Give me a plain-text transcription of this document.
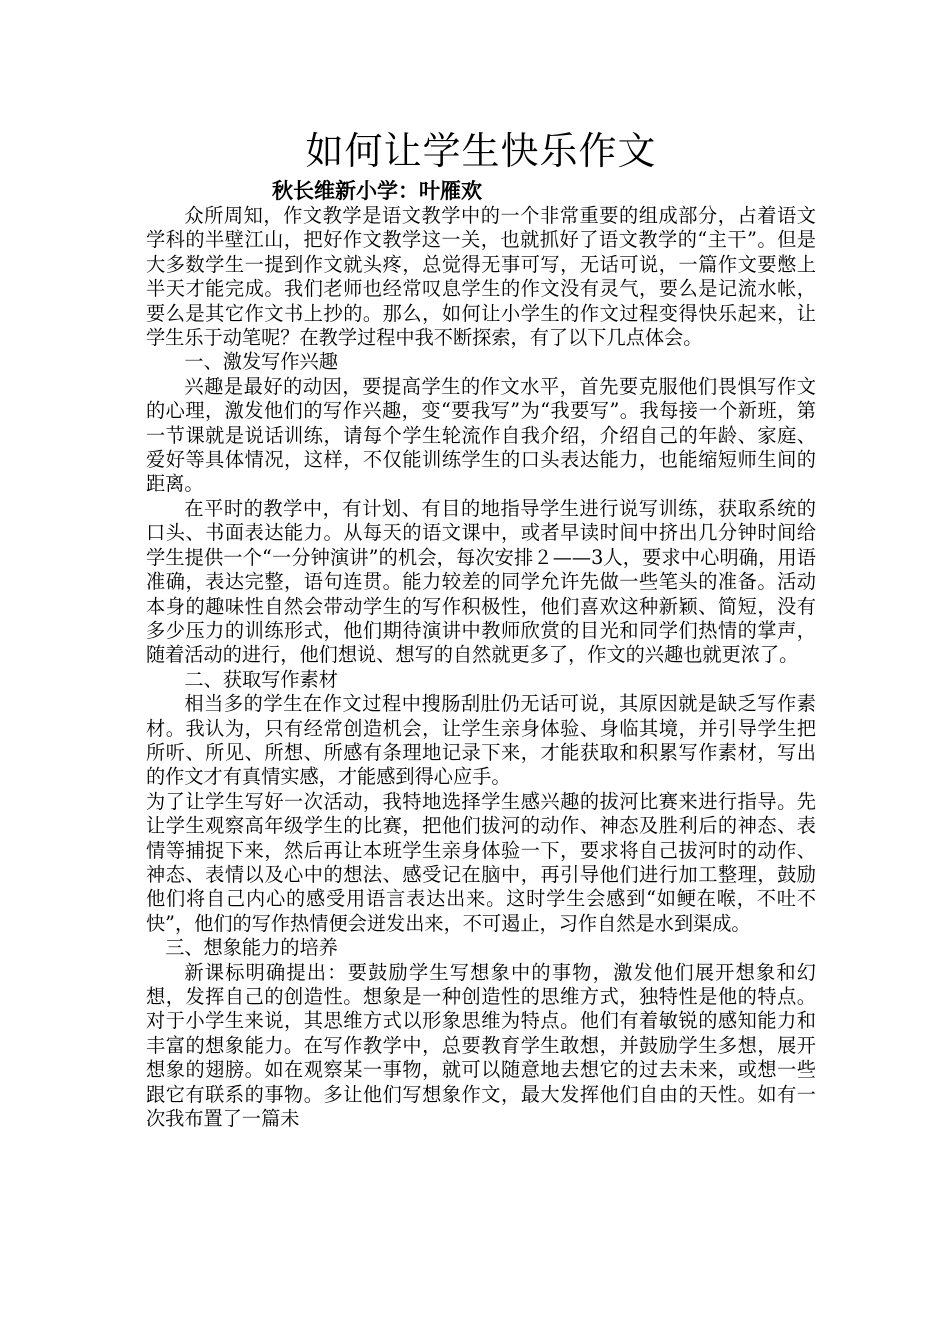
如何让学生快乐作文

秋长维新小学：叶雁欢

众所周知，作文教学是语文教学中的一个非常重要的组成部分，占着语文学科的半壁江山，把好作文教学这一关，也就抓好了语文教学的“主干”。但是大多数学生一提到作文就头疼，总觉得无事可写，无话可说，一篇作文要憋上半天才能完成。我们老师也经常叹息学生的作文没有灵气，要么是记流水帐，要么是其它作文书上抄的。那么，如何让小学生的作文过程变得快乐起来，让学生乐于动笔呢？在教学过程中我不断探索，有了以下几点体会。

一、激发写作兴趣

兴趣是最好的动因，要提高学生的作文水平，首先要克服他们畏惧写作文的心理，激发他们的写作兴趣，变“要我写”为“我要写”。我每接一个新班，第一节课就是说话训练，请每个学生轮流作自我介绍，介绍自己的年龄、家庭、爱好等具体情况，这样，不仅能训练学生的口头表达能力，也能缩短师生间的距离。

在平时的教学中，有计划、有目的地指导学生进行说写训练，获取系统的口头、书面表达能力。从每天的语文课中，或者早读时间中挤出几分钟时间给学生提供一个“一分钟演讲”的机会，每次安排２——3人，要求中心明确，用语准确，表达完整，语句连贯。能力较差的同学允许先做一些笔头的准备。活动本身的趣味性自然会带动学生的写作积极性，他们喜欢这种新颖、简短，没有多少压力的训练形式，他们期待演讲中教师欣赏的目光和同学们热情的掌声，随着活动的进行，他们想说、想写的自然就更多了，作文的兴趣也就更浓了。

二、获取写作素材

相当多的学生在作文过程中搜肠刮肚仍无话可说，其原因就是缺乏写作素材。我认为，只有经常创造机会，让学生亲身体验、身临其境，并引导学生把所听、所见、所想、所感有条理地记录下来，才能获取和积累写作素材，写出的作文才有真情实感，才能感到得心应手。

为了让学生写好一次活动，我特地选择学生感兴趣的拔河比赛来进行指导。先让学生观察高年级学生的比赛，把他们拔河的动作、神态及胜利后的神态、表情等捕捉下来，然后再让本班学生亲身体验一下，要求将自己拔河时的动作、神态、表情以及心中的想法、感受记在脑中，再引导他们进行加工整理，鼓励他们将自己内心的感受用语言表达出来。这时学生会感到“如鲠在喉，不吐不快”，他们的写作热情便会迸发出来，不可遏止，习作自然是水到渠成。

三、想象能力的培养

新课标明确提出：要鼓励学生写想象中的事物，激发他们展开想象和幻想，发挥自己的创造性。想象是一种创造性的思维方式，独特性是他的特点。对于小学生来说，其思维方式以形象思维为特点。他们有着敏锐的感知能力和丰富的想象能力。在写作教学中，总要教育学生敢想，并鼓励学生多想，展开想象的翅膀。如在观察某一事物，就可以随意地去想它的过去未来，或想一些跟它有联系的事物。多让他们写想象作文，最大发挥他们自由的天性。如有一次我布置了一篇未
